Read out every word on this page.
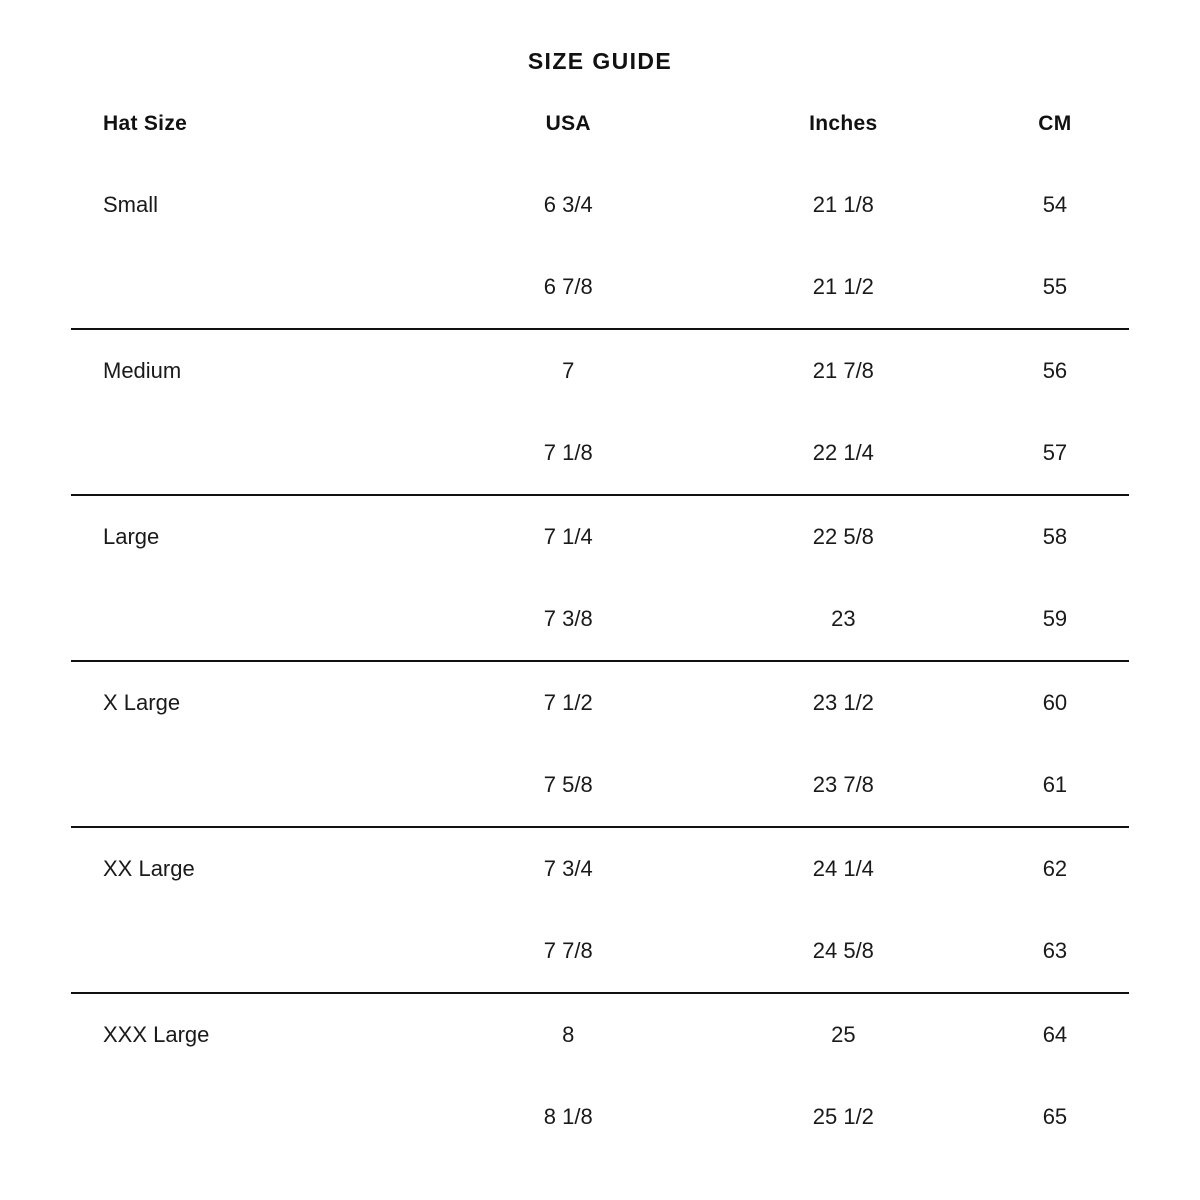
SIZE GUIDE
Hat Size	USA	Inches	CM
Small	6 3/4	21 1/8	54
	6 7/8	21 1/2	55
Medium	7	21 7/8	56
	7 1/8	22 1/4	57
Large	7 1/4	22 5/8	58
	7 3/8	23	59
X Large	7 1/2	23 1/2	60
	7 5/8	23 7/8	61
XX Large	7 3/4	24 1/4	62
	7 7/8	24 5/8	63
XXX Large	8	25	64
	8 1/8	25 1/2	65
